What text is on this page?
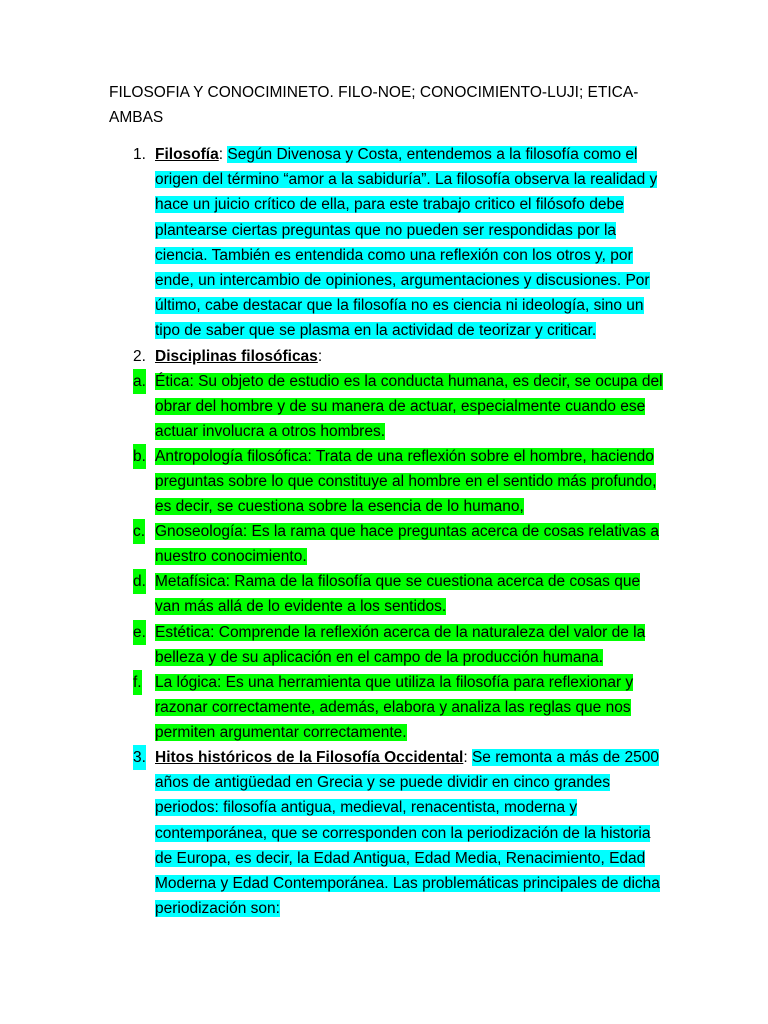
FILOSOFIA Y CONOCIMINETO. FILO-NOE; CONOCIMIENTO-LUJI; ETICA-AMBAS
1. Filosofía: Según Divenosa y Costa, entendemos a la filosofía como el origen del término “amor a la sabiduría”. La filosofía observa la realidad y hace un juicio crítico de ella, para este trabajo critico el filósofo debe plantearse ciertas preguntas que no pueden ser respondidas por la ciencia. También es entendida como una reflexión con los otros y, por ende, un intercambio de opiniones, argumentaciones y discusiones. Por último, cabe destacar que la filosofía no es ciencia ni ideología, sino un tipo de saber que se plasma en la actividad de teorizar y criticar.

2. Disciplinas filosóficas:

a. Ética: Su objeto de estudio es la conducta humana, es decir, se ocupa del obrar del hombre y de su manera de actuar, especialmente cuando ese actuar involucra a otros hombres.

b. Antropología filosófica: Trata de una reflexión sobre el hombre, haciendo preguntas sobre lo que constituye al hombre en el sentido más profundo, es decir, se cuestiona sobre la esencia de lo humano,

c. Gnoseología: Es la rama que hace preguntas acerca de cosas relativas a nuestro conocimiento.

d. Metafísica: Rama de la filosofía que se cuestiona acerca de cosas que van más allá de lo evidente a los sentidos.

e. Estética: Comprende la reflexión acerca de la naturaleza del valor de la belleza y de su aplicación en el campo de la producción humana.

f. La lógica: Es una herramienta que utiliza la filosofía para reflexionar y razonar correctamente, además, elabora y analiza las reglas que nos permiten argumentar correctamente.

3. Hitos históricos de la Filosofía Occidental: Se remonta a más de 2500 años de antigüedad en Grecia y se puede dividir en cinco grandes periodos: filosofía antigua, medieval, renacentista, moderna y contemporánea, que se corresponden con la periodización de la historia de Europa, es decir, la Edad Antigua, Edad Media, Renacimiento, Edad Moderna y Edad Contemporánea. Las problemáticas principales de dicha periodización son:
